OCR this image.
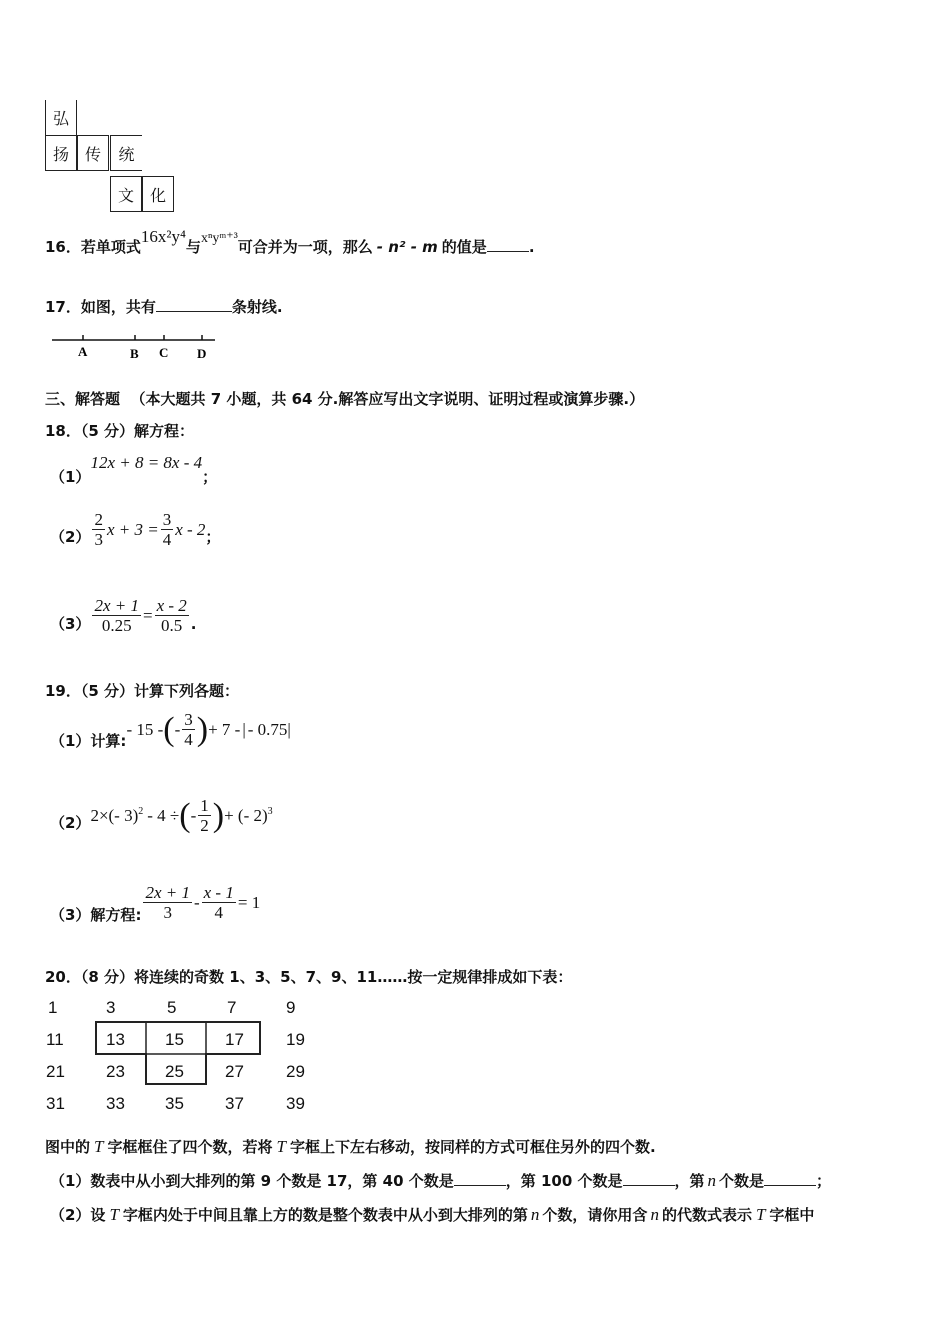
弘
扬 传	统
文 化
16．若单项式16x²y⁴与xⁿyᵐ⁺³可合并为一项，那么 - n² - m 的值是	.
17．如图，共有	条射线.
A	B C D
三、解答题 （本大题共 7 小题，共 64 分.解答应写出文字说明、证明过程或演算步骤.）
18．（5 分）解方程：
（1）12x + 8 = 8x - 4；
$(2) \frac{2}{3}$ $x + 3 = \frac{3}{4}$ x - 2 ；
$(3) \frac{2x + 1}{0.25} = \frac{x - 2}{0.5}$ .
19．（5 分）计算下列各题：
（1）计算:
- 15 - ( - $\frac{3}{4}$ ) + 7 - | - 0.75 |
（2） 2×(- 3)$^2$ - 4 ÷ ( - $\frac{1}{2}$ ) + (- 2)$^3$
（3）解方程: $\frac{2x + 1}{3} - \frac{x - 1}{4} = 1$
20．（8 分）将连续的奇数 1、3、5、7、9、11……按一定规律排成如下表：
1	3	5	7	9
11 13 15 17 19
21 23 25 27 29
31 33 35 37 39
图中的 T 字框框住了四个数，若将 T 字框上下左右移动，按同样的方式可框住另外的四个数.
（1）数表中从小到大排列的第 9 个数是 17，第 40 个数是	，第 100 个数是	，第 n 个数是	；
（2）设 T 字框内处于中间且靠上方的数是整个数表中从小到大排列的第 n 个数，请你用含 n 的代数式表示 T 字框中
